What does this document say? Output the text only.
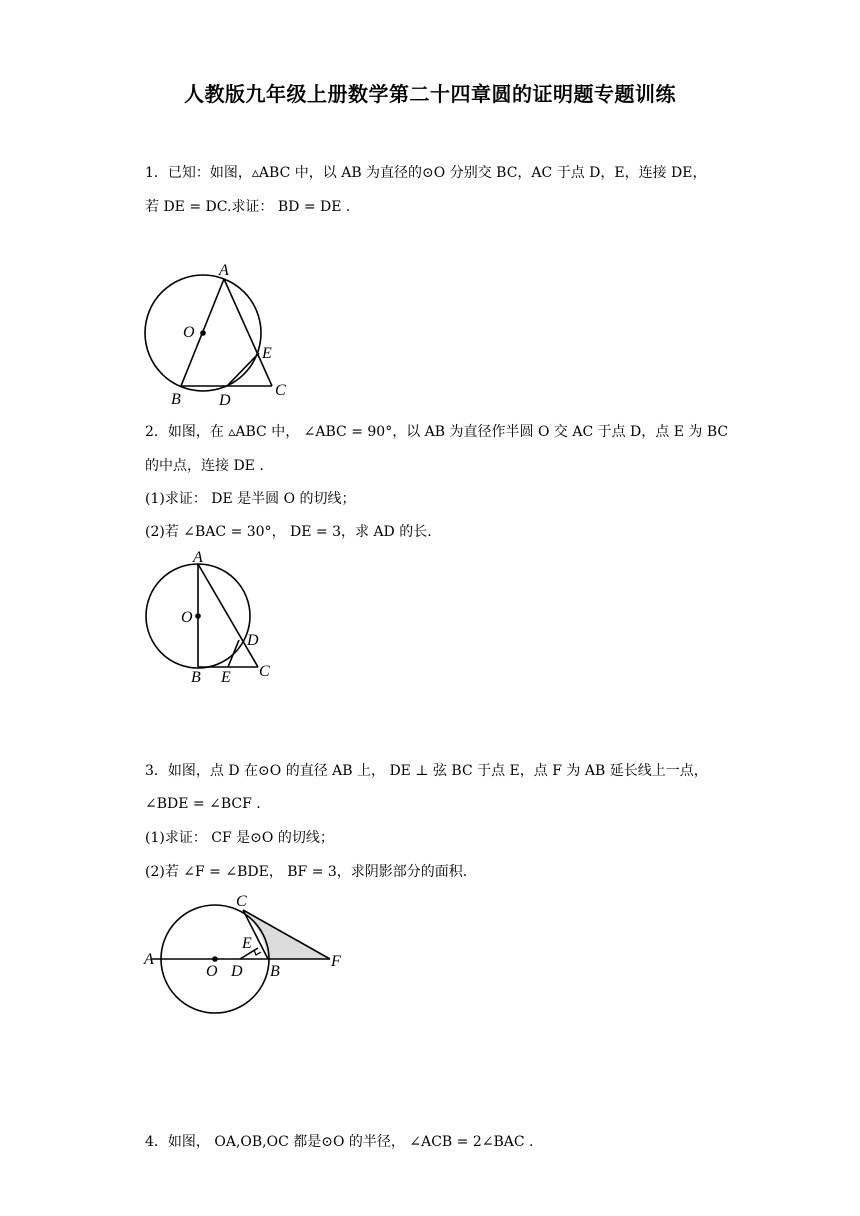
人教版九年级上册数学第二十四章圆的证明题专题训练
1．已知：如图，▵ABC 中，以 AB 为直径的⊙O 分别交 BC，AC 于点 D，E，连接 DE，
若 DE = DC.求证： BD = DE .
A
O
E
C
B D
2．如图，在 ▵ABC 中， ∠ABC = 90°，以 AB 为直径作半圆 O 交 AC 于点 D，点 E 为 BC
的中点，连接 DE .
(1)求证： DE 是半圆 O 的切线；
(2)若 ∠BAC = 30°， DE = 3，求 AD 的长.
A
O
D
B E C
3．如图，点 D 在⊙O 的直径 AB 上， DE ⊥ 弦 BC 于点 E，点 F 为 AB 延长线上一点，
∠BDE = ∠BCF .
(1)求证： CF 是⊙O 的切线；
(2)若 ∠F = ∠BDE， BF = 3，求阴影部分的面积.
C
E
A
O D B
F
4．如图， OA,OB,OC 都是⊙O 的半径， ∠ACB = 2∠BAC .
